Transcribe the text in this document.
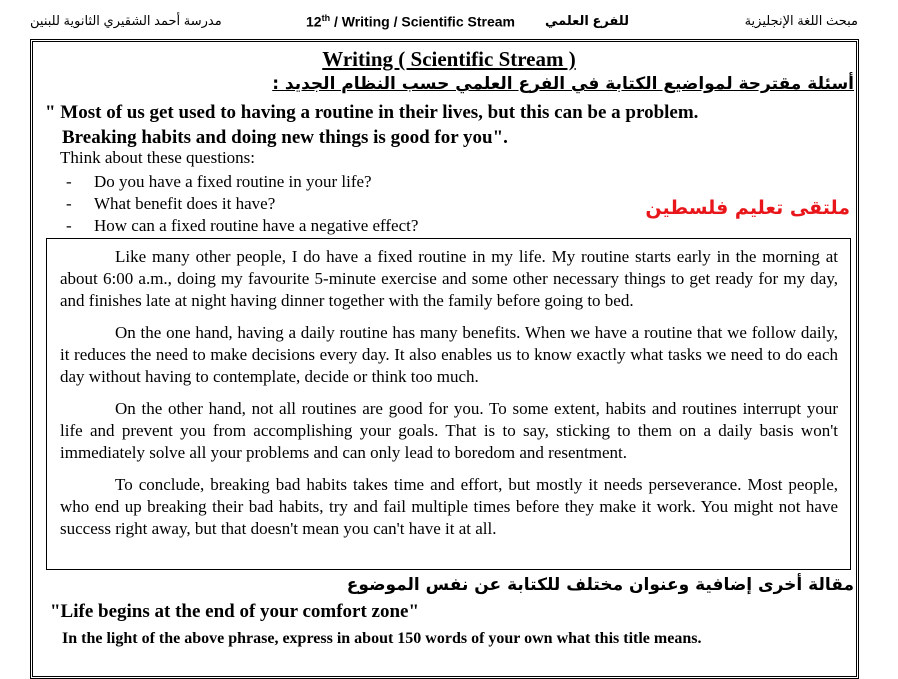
مدرسة أحمد الشقيري الثانوية للبنين	12th / Writing / Scientific Stream للفرع العلمي	مبحث اللغة الإنجليزية
Writing ( Scientific Stream )
أسئلة مقترحة لمواضيع الكتابة في الفرع العلمي حسب النظام الجديد :
" Most of us get used to having a routine in their lives, but this can be a problem.
Breaking habits and doing new things is good for you".
Think about these questions:
- Do you have a fixed routine in your life?
- What benefit does it have?
- How can a fixed routine have a negative effect?
ملتقى تعليم فلسطين

Like many other people, I do have a fixed routine in my life. My routine starts early in the morning at about 6:00 a.m., doing my favourite 5-minute exercise and some other necessary things to get ready for my day, and finishes late at night having dinner together with the family before going to bed.

On the one hand, having a daily routine has many benefits. When we have a routine that we follow daily, it reduces the need to make decisions every day. It also enables us to know exactly what tasks we need to do each day without having to contemplate, decide or think too much.

On the other hand, not all routines are good for you. To some extent, habits and routines interrupt your life and prevent you from accomplishing your goals. That is to say, sticking to them on a daily basis won't immediately solve all your problems and can only lead to boredom and resentment.

To conclude, breaking bad habits takes time and effort, but mostly it needs perseverance. Most people, who end up breaking their bad habits, try and fail multiple times before they make it work. You might not have success right away, but that doesn't mean you can't have it at all.

مقالة أخرى إضافية وعنوان مختلف للكتابة عن نفس الموضوع
"Life begins at the end of your comfort zone"
In the light of the above phrase, express in about 150 words of your own what this title means.
